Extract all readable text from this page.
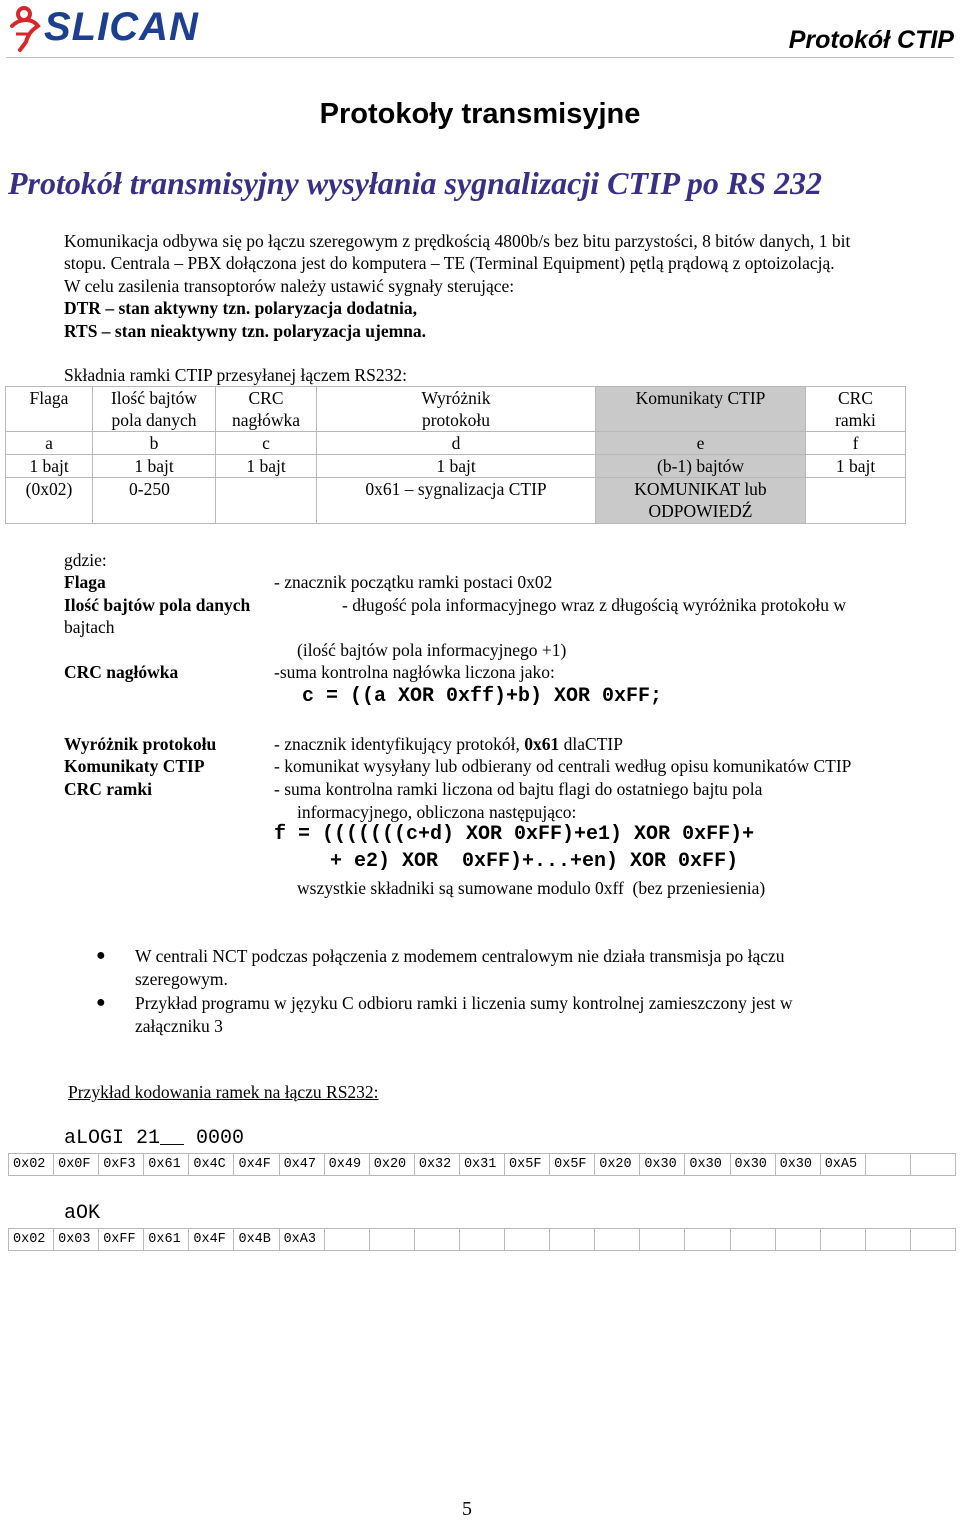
SLICAN	Protokół CTIP
Protokoły transmisyjne
Protokół transmisyjny wysyłania sygnalizacji CTIP po RS 232
Komunikacja odbywa się po łączu szeregowym z prędkością 4800b/s bez bitu parzystości, 8 bitów danych, 1 bit
stopu. Centrala – PBX dołączona jest do komputera – TE (Terminal Equipment) pętlą prądową z optoizolacją.
W celu zasilenia transoptorów należy ustawić sygnały sterujące:
DTR – stan aktywny tzn. polaryzacja dodatnia,
RTS – stan nieaktywny tzn. polaryzacja ujemna.
Składnia ramki CTIP przesyłanej łączem RS232:
Flaga	Ilość bajtów pola danych	CRC nagłówka	Wyróżnik protokołu	Komunikaty CTIP	CRC ramki
a	b	c	d	e	f
1 bajt	1 bajt	1 bajt	1 bajt	(b-1) bajtów	1 bajt
(0x02)	0-250		0x61 – sygnalizacja CTIP	KOMUNIKAT lub ODPOWIEDŹ	
gdzie:
Flaga	- znacznik początku ramki postaci 0x02
Ilość bajtów pola danych	- długość pola informacyjnego wraz z długością wyróżnika protokołu w
bajtach
(ilość bajtów pola informacyjnego +1)
CRC nagłówka	-suma kontrolna nagłówka liczona jako:
c = ((a XOR 0xff)+b) XOR 0xFF;
Wyróżnik protokołu	- znacznik identyfikujący protokół, 0x61 dlaCTIP
Komunikaty CTIP	- komunikat wysyłany lub odbierany od centrali według opisu komunikatów CTIP
CRC ramki	- suma kontrolna ramki liczona od bajtu flagi do ostatniego bajtu pola
informacyjnego, obliczona następująco:
f = (((((((c+d) XOR 0xFF)+e1) XOR 0xFF)+
+ e2) XOR  0xFF)+...+en) XOR 0xFF)
wszystkie składniki są sumowane modulo 0xff  (bez przeniesienia)
● W centrali NCT podczas połączenia z modemem centralowym nie działa transmisja po łączu
szeregowym.
● Przykład programu w języku C odbioru ramki i liczenia sumy kontrolnej zamieszczony jest w
załączniku 3
Przykład kodowania ramek na łączu RS232:
aLOGI 21__ 0000
0x02	0x0F	0xF3	0x61	0x4C	0x4F	0x47	0x49	0x20	0x32	0x31	0x5F	0x5F	0x20	0x30	0x30	0x30	0x30	0xA5		
aOK
0x02	0x03	0xFF	0x61	0x4F	0x4B	0xA3														
5
